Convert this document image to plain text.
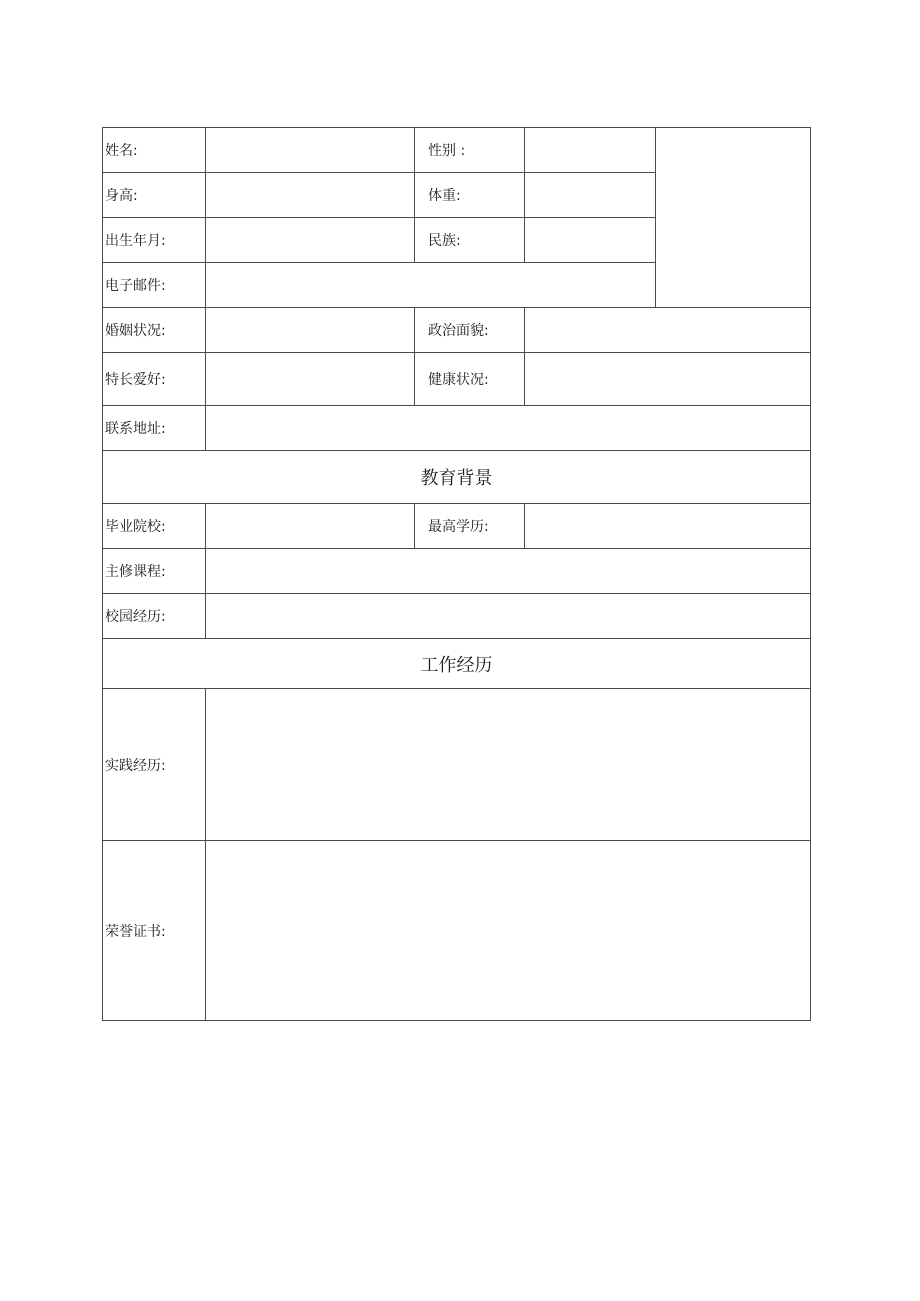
姓名:		性别 :		
身高:		体重:		
出生年月:		民族:		
电子邮件:				
婚姻状况:		政治面貌:		
特长爱好:		健康状况:		
联系地址:				
教育背景				
毕业院校:		最高学历:		
主修课程:				
校园经历:				
工作经历				
实践经历:				
荣誉证书:				
